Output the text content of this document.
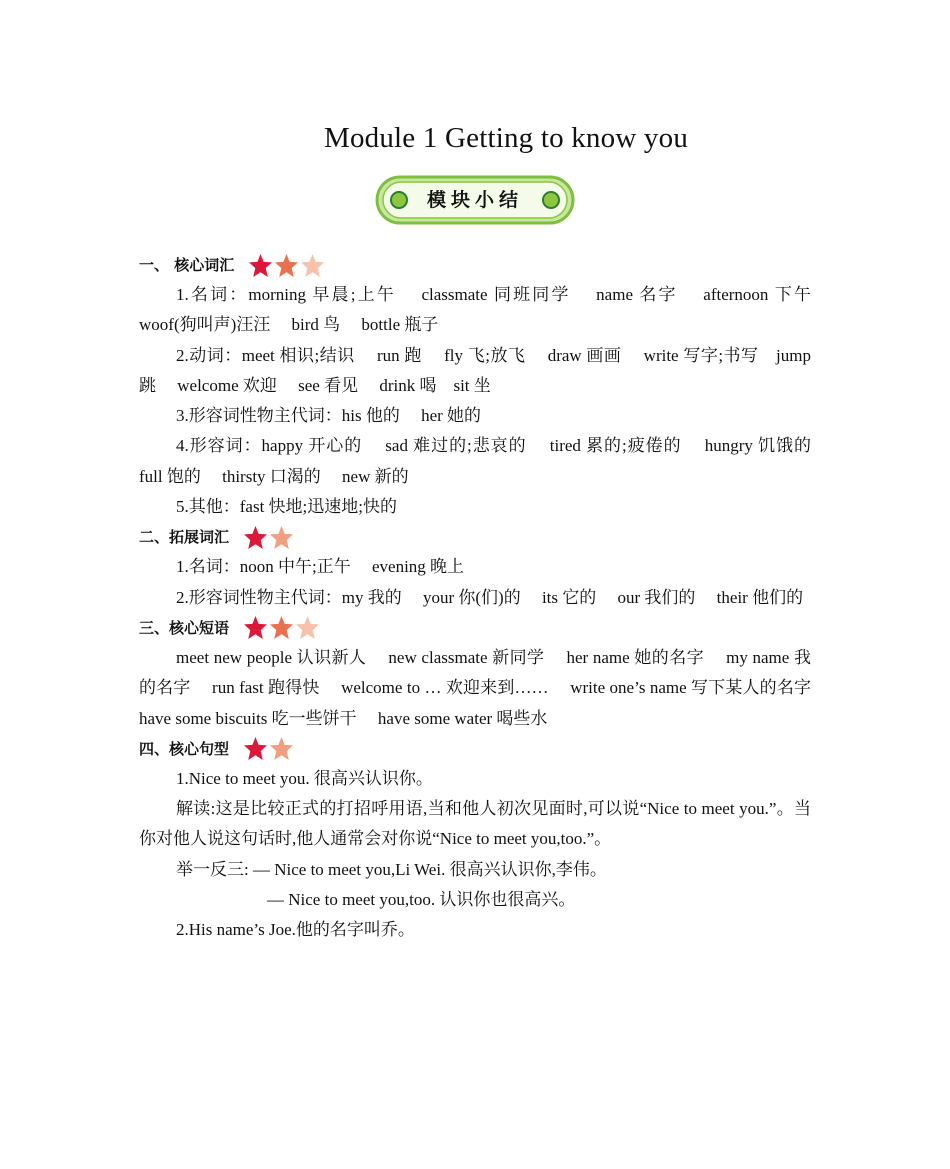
Module 1 Getting to know you
模块小结
一、 核心词汇

1.名词：morning 早晨;上午　 classmate 同班同学　 name 名字　 afternoon 下午　woof(狗叫声)汪汪　 bird 鸟　 bottle 瓶子

2.动词：meet 相识;结识　 run 跑　 fly 飞;放飞　 draw 画画　 write 写字;书写　jump 跳　 welcome 欢迎　 see 看见　 drink 喝　sit 坐

3.形容词性物主代词：his 他的　 her 她的

4.形容词：happy 开心的　 sad 难过的;悲哀的　 tired 累的;疲倦的　 hungry 饥饿的　 full 饱的　 thirsty 口渴的　 new 新的

5.其他：fast 快地;迅速地;快的

二、拓展词汇

1.名词：noon 中午;正午　 evening 晚上

2.形容词性物主代词：my 我的　 your 你(们)的　 its 它的　 our 我们的　 their 他们的

三、核心短语

meet new people 认识新人　 new classmate 新同学　 her name 她的名字　 my name 我的名字　 run fast 跑得快　 welcome to … 欢迎来到……　 write one’s name 写下某人的名字　 have some biscuits 吃一些饼干　 have some water 喝些水

四、核心句型

1.Nice to meet you. 很高兴认识你。

解读:这是比较正式的打招呼用语,当和他人初次见面时,可以说“Nice to meet you.”。当你对他人说这句话时,他人通常会对你说“Nice to meet you,too.”。

举一反三: — Nice to meet you,Li Wei. 很高兴认识你,李伟。

— Nice to meet you,too. 认识你也很高兴。

2.His name’s Joe.他的名字叫乔。
